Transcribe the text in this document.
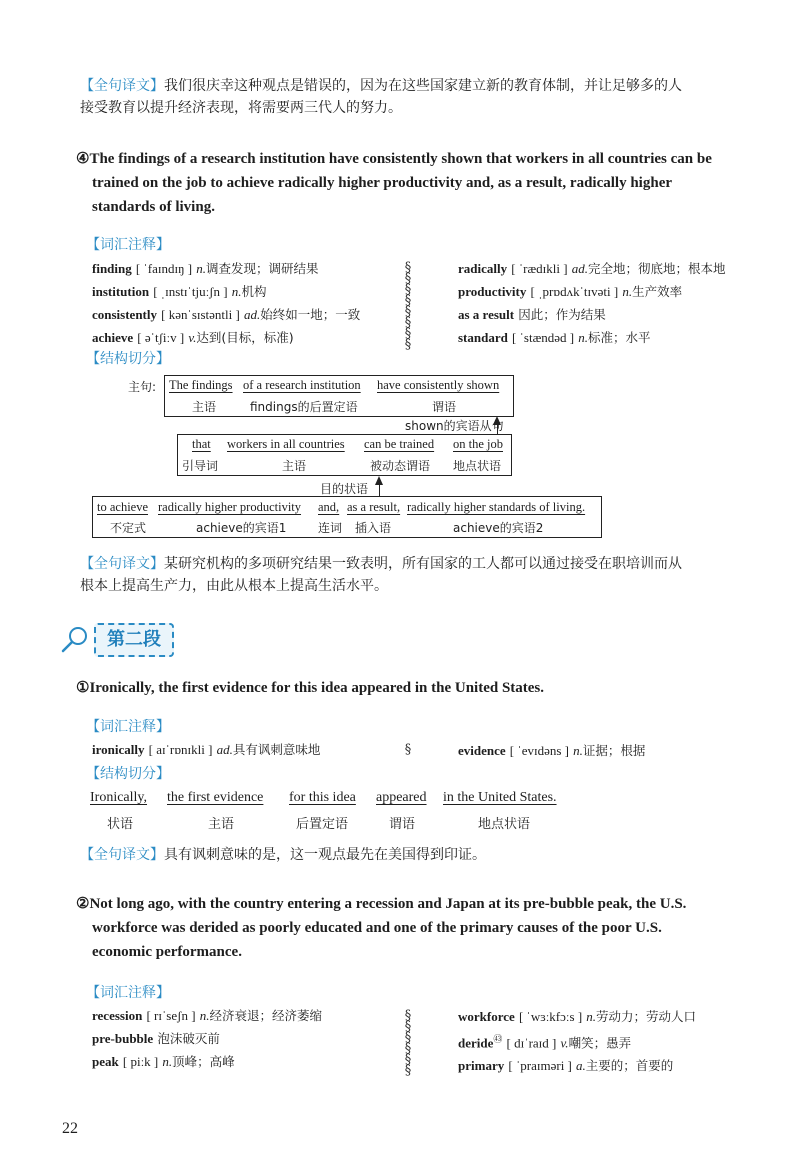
【全句译文】我们很庆幸这种观点是错误的，因为在这些国家建立新的教育体制，并让足够多的人
接受教育以提升经济表现，将需要两三代人的努力。
④The findings of a research institution have consistently shown that workers in all countries can be
trained on the job to achieve radically higher productivity and, as a result, radically higher
standards of living.
【词汇注释】
finding [ ˈfaɪndɪŋ ] n.调查发现；调研结果
institution [ ˌɪnstɪˈtjuːʃn ] n.机构
consistently [ kənˈsɪstəntli ] ad.始终如一地；一致
achieve [ əˈtʃiːv ] v.达到(目标，标准)
§
§
§
§
§
§
§
§
radically [ ˈrædɪkli ] ad.完全地；彻底地；根本地
productivity [ ˌprɒdʌkˈtɪvəti ] n.生产效率
as a result 因此；作为结果
standard [ ˈstændəd ] n.标准；水平
【结构切分】
主句: The findings
主语
of a research institution
findings的后置定语
have consistently shown
谓语
shown的宾语从句
that
引导词
workers in all countries
主语
can be trained
被动态谓语
on the job
地点状语
目的状语
to achieve
不定式
radically higher productivity
achieve的宾语1
and,
连词
as a result,
插入语
radically higher standards of living.
achieve的宾语2
【全句译文】某研究机构的多项研究结果一致表明，所有国家的工人都可以通过接受在职培训而从
根本上提高生产力，由此从根本上提高生活水平。
第二段
①Ironically, the first evidence for this idea appeared in the United States.
【词汇注释】
ironically [ aɪˈrɒnɪkli ] ad.具有讽刺意味地	§	evidence [ ˈevɪdəns ] n.证据；根据
【结构切分】
Ironically,
状语
the first evidence
主语
for this idea
后置定语
appeared
谓语
in the United States.
地点状语
【全句译文】具有讽刺意味的是，这一观点最先在美国得到印证。
②Not long ago, with the country entering a recession and Japan at its pre-bubble peak, the U.S.
workforce was derided as poorly educated and one of the primary causes of the poor U.S.
economic performance.
【词汇注释】
recession [ rɪˈseʃn ] n.经济衰退；经济萎缩
pre-bubble 泡沫破灭前
peak [ piːk ] n.顶峰；高峰
§
§
§
§
§
§
workforce [ ˈwɜːkfɔːs ] n.劳动力；劳动人口
deride$^㊸$ [ dɪˈraɪd ] v.嘲笑；愚弄
primary [ ˈpraɪməri ] a.主要的；首要的
22
